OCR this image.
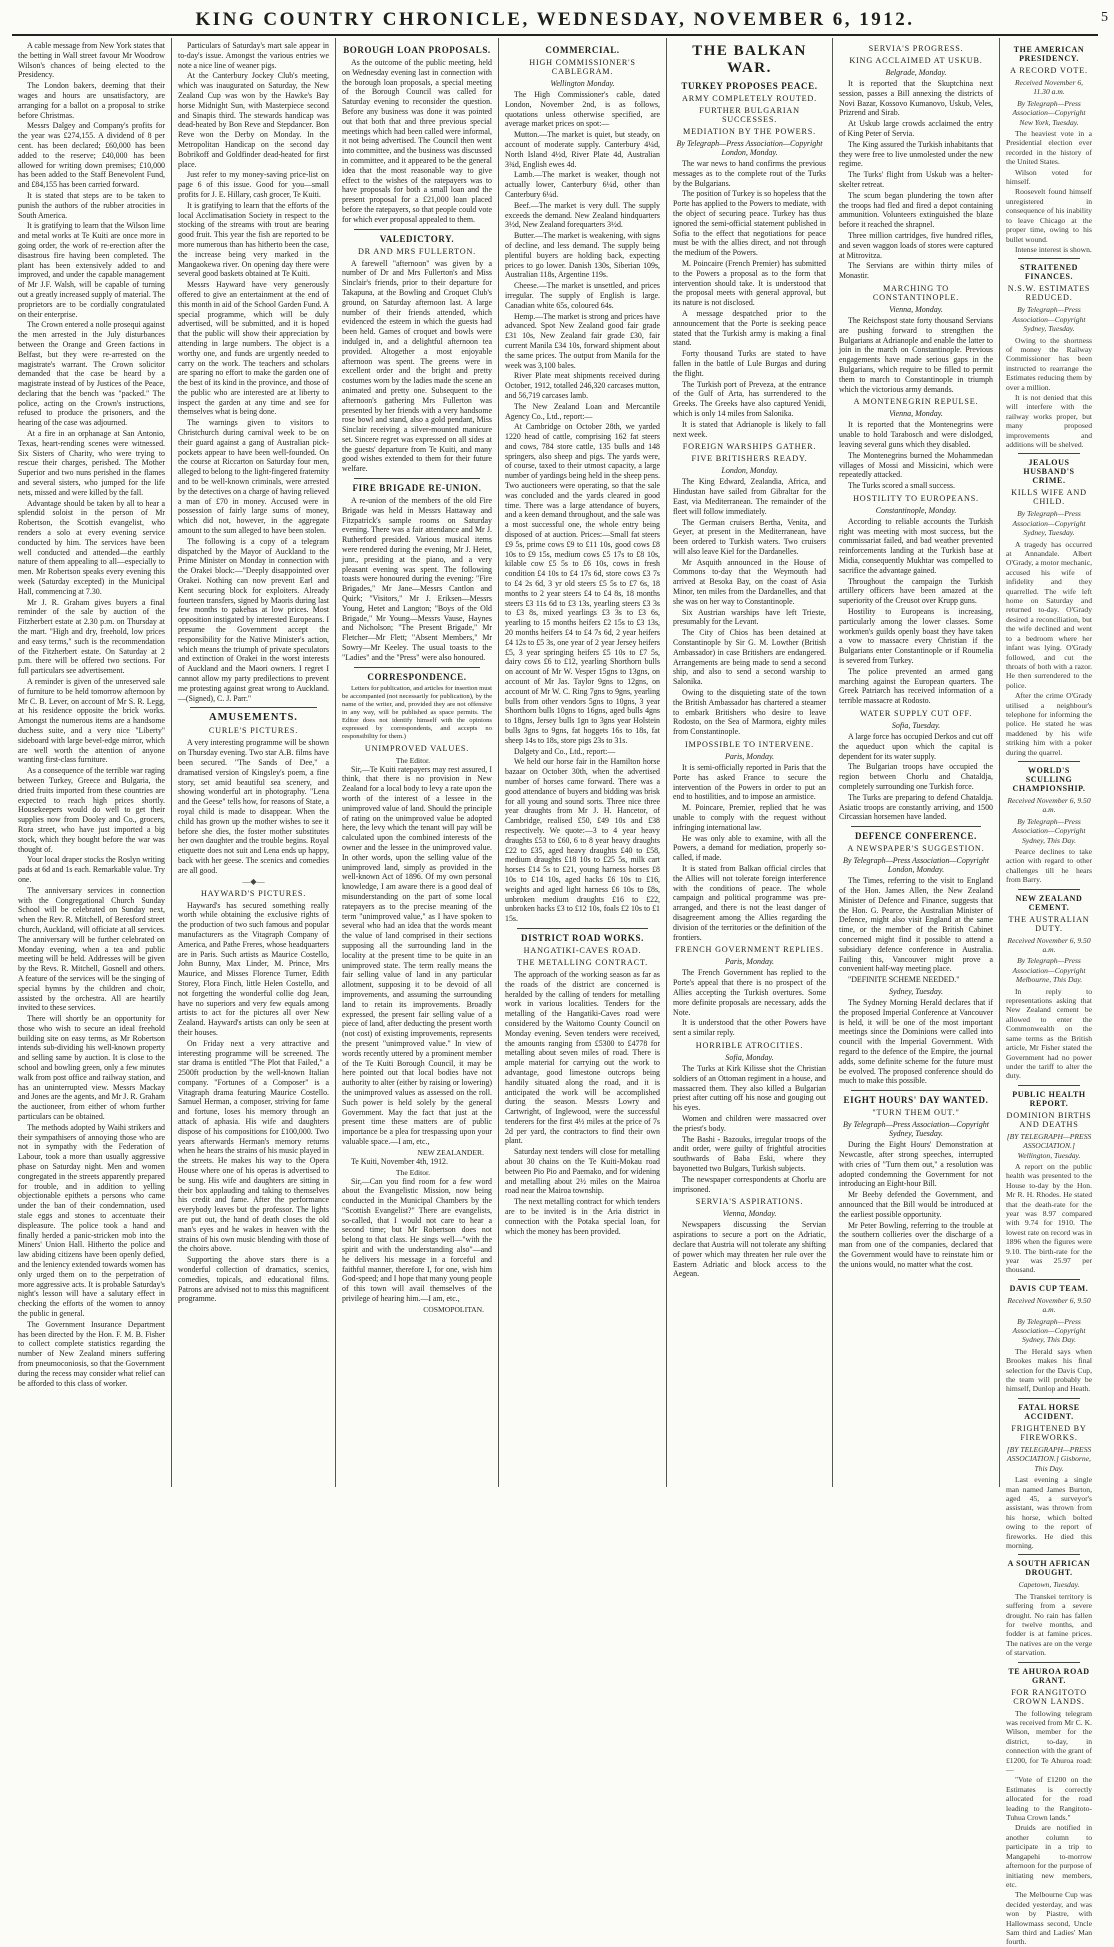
KING COUNTRY CHRONICLE, WEDNESDAY, NOVEMBER 6, 1912.	5

A cable message from New York states that the betting in Wall street favour Mr Woodrow Wilson's chances of being elected to the Presidency.

The London bakers, deeming that their wages and hours are unsatisfactory, are arranging for a ballot on a proposal to strike before Christmas.

Messrs Dalgey and Company's profits for the year was £274,155. A dividend of 8 per cent. has been declared; £60,000 has been added to the reserve; £40,000 has been allowed for writing down premises; £10,000 has been added to the Staff Benevolent Fund, and £84,155 has been carried forward.

It is stated that steps are to be taken to punish the authors of the rubber atrocities in South America.

It is gratifying to learn that the Wilson lime and metal works at Te Kuiti are once more in going order, the work of re-erection after the disastrous fire having been completed. The plant has been extensively added to and improved, and under the capable management of Mr J.F. Walsh, will be capable of turning out a greatly increased supply of material. The proprietors are to be cordially congratulated on their enterprise.

The Crown entered a nolle prosequi against the men arrested in the July disturbances between the Orange and Green factions in Belfast, but they were re-arrested on the magistrate's warrant. The Crown solicitor demanded that the case be heard by a magistrate instead of by Justices of the Peace, declaring that the bench was "packed." The police, acting on the Crown's instructions, refused to produce the prisoners, and the hearing of the case was adjourned.

At a fire in an orphanage at San Antonio, Texas, heart-rending scenes were witnessed. Six Sisters of Charity, who were trying to rescue their charges, perished. The Mother Superior and two nuns perished in the flames and several sisters, who jumped for the life nets, missed and were killed by the fall.

Advantage should be taken by all to hear a splendid soloist in the person of Mr Robertson, the Scottish evangelist, who renders a solo at every evening service conducted by him. The services have been well conducted and attended—the earthly nature of them appealing to all—especially to men. Mr Robertson speaks every evening this week (Saturday excepted) in the Municipal Hall, commencing at 7.30.

Mr J. R. Graham gives buyers a final reminder of the sale by auction of the Fitzherbert estate at 2.30 p.m. on Thursday at the mart. "High and dry, freehold, low prices and easy terms," such is the recommendation of the Fitzherbert estate. On Saturday at 2 p.m. there will be offered two sections. For full particulars see advertisement.

A reminder is given of the unreserved sale of furniture to be held tomorrow afternoon by Mr C. B. Lever, on account of Mr S. R. Legg, at his residence opposite the brick works. Amongst the numerous items are a handsome duchess suite, and a very nice "Liberty" sideboard with large bevel-edge mirror, which are well worth the attention of anyone wanting first-class furniture.

As a consequence of the terrible war raging between Turkey, Greece and Bulgaria, the dried fruits imported from these countries are expected to reach high prices shortly. Housekeepers would do well to get their supplies now from Dooley and Co., grocers, Rora street, who have just imported a big stock, which they bought before the war was thought of.

Your local draper stocks the Roslyn writing pads at 6d and 1s each. Remarkable value. Try one.

The anniversary services in connection with the Congregational Church Sunday School will be celebrated on Sunday next, when the Rev. R. Mitchell, of Beresford street church, Auckland, will officiate at all services. The anniversary will be further celebrated on Monday evening, when a tea and public meeting will be held. Addresses will be given by the Revs. R. Mitchell, Gosnell and others. A feature of the services will be the singing of special hymns by the children and choir, assisted by the orchestra. All are heartily invited to these services.

There will shortly be an opportunity for those who wish to secure an ideal freehold building site on easy terms, as Mr Robertson intends sub-dividing his well-known property and selling same by auction. It is close to the school and bowling green, only a few minutes walk from post office and railway station, and has an uninterrupted view. Messrs Mackay and Jones are the agents, and Mr J. R. Graham the auctioneer, from either of whom further particulars can be obtained.

The methods adopted by Waihi strikers and their sympathisers of annoying those who are not in sympathy with the Federation of Labour, took a more than usually aggressive phase on Saturday night. Men and women congregated in the streets apparently prepared for trouble, and in addition to yelling objectionable epithets a persons who came under the ban of their condemnation, used stale eggs and stones to accentuate their displeasure. The police took a hand and finally herded a panic-stricken mob into the Miners' Union Hall. Hitherto the police and law abiding citizens have been openly defied, and the leniency extended towards women has only urged them on to the perpetration of more aggressive acts. It is probable Saturday's night's lesson will have a salutary effect in checking the efforts of the women to annoy the public in general.

The Government Insurance Department has been directed by the Hon. F. M. B. Fisher to collect complete statistics regarding the number of New Zealand miners suffering from pneumoconiosis, so that the Government during the recess may consider what relief can be afforded to this class of worker.

Particulars of Saturday's mart sale appear in to-day's issue. Amongst the various entries we note a nice line of weaner pigs.

At the Canterbury Jockey Club's meeting, which was inaugurated on Saturday, the New Zealand Cup was won by the Hawke's Bay horse Midnight Sun, with Masterpiece second and Sinapis third. The stewards handicap was dead-heated by Bon Reve and Stepdancer. Bon Reve won the Derby on Monday. In the Metropolitan Handicap on the second day Bobrikoff and Goldfinder dead-heated for first place.

Just refer to my money-saving price-list on page 6 of this issue. Good for you—small profits for J. E. Hillary, cash grocer, Te Kuiti.

It is gratifying to learn that the efforts of the local Acclimatisation Society in respect to the stocking of the streams with trout are bearing good fruit. This year the fish are reported to be more numerous than has hitherto been the case, the increase being very marked in the Mangaokewa river. On opening day there were several good baskets obtained at Te Kuiti.

Messrs Hayward have very generously offered to give an entertainment at the end of this month in aid of the School Garden Fund. A special programme, which will be duly advertised, will be submitted, and it is hoped that the public will show their appreciation by attending in large numbers. The object is a worthy one, and funds are urgently needed to carry on the work. The teachers and scholars are sparing no effort to make the garden one of the best of its kind in the province, and those of the public who are interested are at liberty to inspect the garden at any time and see for themselves what is being done.

The warnings given to visitors to Christchurch during carnival week to be on their guard against a gang of Australian pick-pockets appear to have been well-founded. On the course at Riccarton on Saturday four men, alleged to belong to the light-fingered fraternity and to be well-known criminals, were arrested by the detectives on a charge of having relieved a man of £70 in money. Accused were in possession of fairly large sums of money, which did not, however, in the aggregate amount to the sum alleged to have been stolen.

The following is a copy of a telegram dispatched by the Mayor of Auckland to the Prime Minister on Monday in connection with the Orakei block:—"Deeply disappointed over Orakei. Nothing can now prevent Earl and Kent securing block for exploiters. Already fourteen transfers, signed by Maoris during last few months to pakehas at low prices. Most opposition instigated by interested Europeans. I presume the Government accept the responsibility for the Native Minister's action, which means the triumph of private speculators and extinction of Orakei in the worst interests of Auckland and the Maori owners. I regret I cannot allow my party predilections to prevent me protesting against great wrong to Auckland.—(Signed), C. J. Parr."

AMUSEMENTS.
CURLE'S PICTURES.

A very interesting programme will be shown on Thursday evening. Two star A.B. films have been secured. "The Sands of Dee," a dramatised version of Kingsley's poem, a fine story, set amid beautiful sea scenery, and showing wonderful art in photography. "Lena and the Geese" tells how, for reasons of State, a royal child is made to disappear. When the child has grown up the mother wishes to see it before she dies, the foster mother substitutes her own daughter and the trouble begins. Royal etiquette does not suit and Lena ends up happy, back with her geese. The scenics and comedies are all good.

—◆—
HAYWARD'S PICTURES.

Hayward's has secured something really worth while obtaining the exclusive rights of the production of two such famous and popular manufacturers as the Vitagraph Company of America, and Pathe Freres, whose headquarters are in Paris. Such artists as Maurice Costello, John Bunny, Max Linder, M. Prince, Mrs Maurice, and Misses Florence Turner, Edith Storey, Flora Finch, little Helen Costello, and not forgetting the wonderful collie dog Jean, have no superiors and very few equals among artists to act for the pictures all over New Zealand. Hayward's artists can only be seen at their houses.

On Friday next a very attractive and interesting programme will be screened. The star drama is entitled "The Plot that Failed," a 2500ft production by the well-known Italian company. "Fortunes of a Composer" is a Vitagraph drama featuring Maurice Costello. Samuel Herman, a composer, striving for fame and fortune, loses his memory through an attack of aphasia. His wife and daughters dispose of his compositions for £100,000. Two years afterwards Herman's memory returns when he hears the strains of his music played in the streets. He makes his way to the Opera House where one of his operas is advertised to be sung. His wife and daughters are sitting in their box applauding and taking to themselves his credit and fame. After the performance everybody leaves but the professor. The lights are put out, the hand of death closes the old man's eyes and he wakes in heaven with the strains of his own music blending with those of the choirs above.

Supporting the above stars there is a wonderful collection of dramatics, scenics, comedies, topicals, and educational films. Patrons are advised not to miss this magnificent programme.

BOROUGH LOAN PROPOSALS.

As the outcome of the public meeting, held on Wednesday evening last in connection with the borough loan proposals, a special meeting of the Borough Council was called for Saturday evening to reconsider the question. Before any business was done it was pointed out that both that and three previous special meetings which had been called were informal, it not being advertised. The Council then went into committee, and the business was discussed in committee, and it appeared to be the general idea that the most reasonable way to give effect to the wishes of the ratepayers was to have proposals for both a small loan and the present proposal for a £21,000 loan placed before the ratepayers, so that people could vote for which ever proposal appealed to them.

VALEDICTORY.
DR AND MRS FULLERTON.

A farewell "afternoon" was given by a number of Dr and Mrs Fullerton's and Miss Sinclair's friends, prior to their departure for Takapuna, at the Bowling and Croquet Club's ground, on Saturday afternoon last. A large number of their friends attended, which evidenced the esteem in which the guests had been held. Games of croquet and bowls were indulged in, and a delightful afternoon tea provided. Altogether a most enjoyable afternoon was spent. The greens were in excellent order and the bright and pretty costumes worn by the ladies made the scene an animated and pretty one. Subsequent to the afternoon's gathering Mrs Fullerton was presented by her friends with a very handsome rose bowl and stand, also a gold pendant, Miss Sinclair receiving a silver-mounted manicure set. Sincere regret was expressed on all sides at the guests' departure from Te Kuiti, and many good wishes extended to them for their future welfare.

FIRE BRIGADE RE-UNION.

A re-union of the members of the old Fire Brigade was held in Messrs Hattaway and Fitzpatrick's sample rooms on Saturday evening. There was a fair attendance and Mr J. Rutherford presided. Various musical items were rendered during the evening, Mr J. Hetet, junr., presiding at the piano, and a very pleasant evening was spent. The following toasts were honoured during the evening: "Fire Brigades," Mr Jane—Messrs Cantlon and Quirk; "Visitors," Mr J. Eriksen—Messrs Young, Hetet and Langton; "Boys of the Old Brigade," Mr Young—Messrs Vause, Haynes and Nicholson; "The Present Brigade," Mr Fletcher—Mr Flett; "Absent Members," Mr Sowry—Mr Keeley. The usual toasts to the "Ladies" and the "Press" were also honoured.

CORRESPONDENCE.

Letters for publication, and articles for insertion must be accompanied (not necessarily for publication), by the name of the writer, and, provided they are not offensive in any way, will be published as space permits. The Editor does not identify himself with the opinions expressed by correspondents, and accepts no responsibility for them.)

UNIMPROVED VALUES.
The Editor.

Sir,—Te Kuiti ratepayers may rest assured, I think, that there is no provision in New Zealand for a local body to levy a rate upon the worth of the interest of a lessee in the unimproved value of land. Should the principle of rating on the unimproved value be adopted here, the levy which the tenant will pay will be calculated upon the combined interests of the owner and the lessee in the unimproved value. In other words, upon the selling value of the unimproved land, simply as provided in the well-known Act of 1896. Of my own personal knowledge, I am aware there is a good deal of misunderstanding on the part of some local ratepayers as to the precise meaning of the term "unimproved value," as I have spoken to several who had an idea that the words meant the value of land comprised in their sections supposing all the surrounding land in the locality at the present time to be quite in an unimproved state. The term really means the fair selling value of land in any particular allotment, supposing it to be devoid of all improvements, and assuming the surrounding land to retain its improvements. Broadly expressed, the present fair selling value of a piece of land, after deducting the present worth (not cost) of existing improvements, represents the present "unimproved value." In view of words recently uttered by a prominent member of the Te Kuiti Borough Council, it may be here pointed out that local bodies have not authority to alter (either by raising or lowering) the unimproved values as assessed on the roll. Such power is held solely by the general Government. May the fact that just at the present time these matters are of public importance be a plea for trespassing upon your valuable space.—I am, etc.,

NEW ZEALANDER.

Te Kuiti, November 4th, 1912.

The Editor.

Sir,—Can you find room for a few word about the Evangelistic Mission, now being conducted in the Municipal Chambers by the "Scottish Evangelist?" There are evangelists, so-called, that I would not care to hear a second time; but Mr Robertson does not belong to that class. He sings well—"with the spirit and with the understanding also"—and he delivers his message in a forceful and faithful manner, therefore I, for one, wish him God-speed; and I hope that many young people of this town will avail themselves of the privilege of hearing him.—I am, etc.,

COSMOPOLITAN.
COMMERCIAL.
HIGH COMMISSIONER'S CABLEGRAM.
Wellington Monday.

The High Commissioner's cable, dated London, November 2nd, is as follows, quotations unless otherwise specified, are average market prices on spot:—

Mutton.—The market is quiet, but steady, on account of moderate supply. Canterbury 4¼d, North Island 4½d, River Plate 4d, Australian 3¾d, English ewes 4d.

Lamb.—The market is weaker, though not actually lower, Canterbury 6¼d, other than Canterbury 6¼d.

Beef.—The market is very dull. The supply exceeds the demand. New Zealand hindquarters 3½d, New Zealand forequarters 3½d.

Butter.—The market is weakening, with signs of decline, and less demand. The supply being plentiful buyers are holding back, expecting prices to go lower. Danish 130s, Siberian 109s, Australian 118s, Argentine 119s.

Cheese.—The market is unsettled, and prices irregular. The supply of English is large. Canadian white 65s, coloured 64s.

Hemp.—The market is strong and prices have advanced. Spot New Zealand good fair grade £31 10s, New Zealand fair grade £30, fair current Manila £34 10s, forward shipment about the same prices. The output from Manila for the week was 3,100 bales.

River Plate meat shipments received during October, 1912, totalled 246,320 carcases mutton, and 56,719 carcases lamb.

The New Zealand Loan and Mercantile Agency Co., Ltd., report:—

At Cambridge on October 28th, we yarded 1220 head of cattle, comprising 162 fat steers and cows, 784 store cattle, 135 bulls and 148 springers, also sheep and pigs. The yards were, of course, taxed to their utmost capacity, a large number of yardings being held in the sheep pens. Two auctioneers were operating, so that the sale was concluded and the yards cleared in good time. There was a large attendance of buyers, and a keen demand throughout, and the sale was a most successful one, the whole entry being disposed of at auction. Prices:—Small fat steers £9 5s, prime cows £9 to £11 10s, good cows £8 10s to £9 15s, medium cows £5 17s to £8 10s, kilable cow £5 5s to £6 10s, cows in fresh condition £4 10s to £4 17s 6d, store cows £3 7s to £4 2s 6d, 3 yr old steers £5 5s to £7 6s, 18 months to 2 year steers £4 to £4 8s, 18 months steers £3 11s 6d to £3 13s, yearling steers £3 3s to £3 8s, mixed yearlings £3 3s to £3 6s, yearling to 15 months heifers £2 15s to £3 13s, 20 months heifers £4 to £4 7s 6d, 2 year heifers £4 12s to £5 3s, one year of 2 year Jersey heifers £5, 3 year springing heifers £5 10s to £7 5s, dairy cows £6 to £12, yearling Shorthorn bulls on account of Mr W. Vesper 15gns to 13gns, on account of Mr Jas. Taylor 9gns to 12gns, on account of Mr W. C. Ring 7gns to 9gns, yearling bulls from other vendors 5gns to 10gns, 3 year Shorthorn bulls 10gns to 16gns, aged bulls 4gns to 18gns, Jersey bulls 1gn to 3gns year Holstein bulls 3gns to 9gns, fat hoggets 16s to 18s, fat sheep 14s to 18s, store pigs 23s to 31s.

Dalgety and Co., Ltd., report:—

We held our horse fair in the Hamilton horse bazaar on October 30th, when the advertised number of horses came forward. There was a good attendance of buyers and bidding was brisk for all young and sound sorts. Three nice three year draughts from Mr J. H. Hancetor, of Cambridge, realised £50, £49 10s and £38 respectively. We quote:—3 to 4 year heavy draughts £53 to £60, 6 to 8 year heavy draughts £22 to £35, aged heavy draughts £40 to £58, medium draughts £18 10s to £25 5s, milk cart horses £14 5s to £21, young harness horses £8 10s to £14 10s, aged hacks £6 10s to £16, weights and aged light harness £6 10s to £8s, unbroken medium draughts £16 to £22, unbroken hacks £3 to £12 10s, foals £2 10s to £1 15s.

DISTRICT ROAD WORKS.
HANGATIKI-CAVES ROAD.
THE METALLING CONTRACT.

The approach of the working season as far as the roads of the district are concerned is heralded by the calling of tenders for metalling work in various localities. Tenders for the metalling of the Hangatiki-Caves road were considered by the Waitomo County Council on Monday evening. Seven tenders were received, the amounts ranging from £5300 to £4778 for metalling about seven miles of road. There is ample material for carrying out the work to advantage, good limestone outcrops being handily situated along the road, and it is anticipated the work will be accomplished during the season. Messrs Lowry and Cartwright, of Inglewood, were the successful tenderers for the first 4½ miles at the price of 7s 2d per yard, the contractors to find their own plant.

Saturday next tenders will close for metalling about 30 chains on the Te Kuiti-Mokau road between Pio Pio and Paemako, and for widening and metalling about 2½ miles on the Mairoa road near the Mairoa township.

The next metalling contract for which tenders are to be invited is in the Aria district in connection with the Potaka special loan, for which the money has been provided.

THE BALKAN WAR.
TURKEY PROPOSES PEACE.
ARMY COMPLETELY ROUTED.
FURTHER BULGARIAN SUCCESSES.
MEDIATION BY THE POWERS.
By Telegraph—Press Association—Copyright London, Monday.

The war news to hand confirms the previous messages as to the complete rout of the Turks by the Bulgarians.

The position of Turkey is so hopeless that the Porte has applied to the Powers to mediate, with the object of securing peace. Turkey has thus ignored the semi-official statement published in Sofia to the effect that negotiations for peace must be with the allies direct, and not through the medium of the Powers.

M. Poincaire (French Premier) has submitted to the Powers a proposal as to the form that intervention should take. It is understood that the proposal meets with general approval, but its nature is not disclosed.

A message despatched prior to the announcement that the Porte is seeking peace stated that the Turkish army is making a final stand.

Forty thousand Turks are stated to have fallen in the battle of Lule Burgas and during the flight.

The Turkish port of Preveza, at the entrance of the Gulf of Arta, has surrendered to the Greeks. The Greeks have also captured Yenidi, which is only 14 miles from Salonika.

It is stated that Adrianople is likely to fall next week.

FOREIGN WARSHIPS GATHER.
FIVE BRITISHERS READY.
London, Monday.

The King Edward, Zealandia, Africa, and Hindustan have sailed from Gibraltar for the East, via Mediterranean. The remainder of the fleet will follow immediately.

The German cruisers Bertha, Venita, and Geyer, at present in the Mediterranean, have been ordered to Turkish waters. Two cruisers will also leave Kiel for the Dardanelles.

Mr Asquith announced in the House of Commons to-day that the Weymouth had arrived at Besoka Bay, on the coast of Asia Minor, ten miles from the Dardanelles, and that she was on her way to Constantinople.

Six Austrian warships have left Trieste, presumably for the Levant.

The City of Chios has been detained at Constantinople by Sir G. M. Lowther (British Ambassador) in case Britishers are endangered. Arrangements are being made to send a second ship, and also to send a second warship to Salonika.

Owing to the disquieting state of the town the British Ambassador has chartered a steamer to embark Britishers who desire to leave Rodosto, on the Sea of Marmora, eighty miles from Constantinople.

IMPOSSIBLE TO INTERVENE.
Paris, Monday.

It is semi-officially reported in Paris that the Porte has asked France to secure the intervention of the Powers in order to put an end to hostilities, and to impose an armistice.

M. Poincare, Premier, replied that he was unable to comply with the request without infringing international law.

He was only able to examine, with all the Powers, a demand for mediation, properly so-called, if made.

It is stated from Balkan official circles that the Allies will not tolerate foreign interference with the conditions of peace. The whole campaign and political programme was pre-arranged, and there is not the least danger of disagreement among the Allies regarding the division of the territories or the definition of the frontiers.

FRENCH GOVERNMENT REPLIES.
Paris, Monday.

The French Government has replied to the Porte's appeal that there is no prospect of the Allies accepting the Turkish overtures. Some more definite proposals are necessary, adds the Note.

It is understood that the other Powers have sent a similar reply.

HORRIBLE ATROCITIES.
Sofia, Monday.

The Turks at Kirk Kilisse shot the Christian soldiers of an Ottoman regiment in a house, and massacred them. They also killed a Bulgarian priest after cutting off his nose and gouging out his eyes.

Women and children were massacred over the priest's body.

The Bashi - Bazouks, irregular troops of the andit order, were guilty of frightful atrocities southwards of Baba Eski, where they bayonetted two Bulgars, Turkish subjects.

The newspaper correspondents at Chorlu are imprisoned.

SERVIA'S ASPIRATIONS.
Vienna, Monday.

Newspapers discussing the Servian aspirations to secure a port on the Adriatic, declare that Austria will not tolerate any shifting of power which may threaten her rule over the Eastern Adriatic and block access to the Aegean.

SERVIA'S PROGRESS.
KING ACCLAIMED AT USKUB.
Belgrade, Monday.

It is reported that the Skuptchina next session, passes a Bill annexing the districts of Novi Bazar, Kossovo Kumanovo, Uskub, Veles, Prizrend and Sirab.

At Uskub large crowds acclaimed the entry of King Peter of Servia.

The King assured the Turkish inhabitants that they were free to live unmolested under the new regime.

The Turks' flight from Uskub was a helter-skelter retreat.

The scum began plundering the town after the troops had fled and fired a depot containing ammunition. Volunteers extinguished the blaze before it reached the shrapnel.

Three million cartridges, five hundred rifles, and seven waggon loads of stores were captured at Mitrovitza.

The Servians are within thirty miles of Monastir.

MARCHING TO CONSTANTINOPLE.
Vienna, Monday.

The Reichspost state forty thousand Servians are pushing forward to strengthen the Bulgarians at Adrianople and enable the latter to join in the march on Constantinople. Previous engagements have made serious gaps in the Bulgarians, which require to be filled to permit them to march to Constantinople in triumph which the victorious army demands.

A MONTENEGRIN REPULSE.
Vienna, Monday.

It is reported that the Montenegrins were unable to hold Tarabosch and were dislodged, leaving several guns which they disabled.

The Montenegrins burned the Mohammedan villages of Mossi and Missicini, which were repeatedly attacked.

The Turks scored a small success.

HOSTILITY TO EUROPEANS.
Constantinople, Monday.

According to reliable accounts the Turkish right was meeting with most success, but the commissariat failed, and bad weather prevented reinforcements landing at the Turkish base at Midia, consequently Mukhtar was compelled to sacrifice the advantage gained.

Throughout the campaign the Turkish artillery officers have been amazed at the superiority of the Creusot over Krupp guns.

Hostility to Europeans is increasing, particularly among the lower classes. Some workmen's guilds openly boast they have taken a vow to massacre every Christian if the Bulgarians enter Constantinople or if Roumelia is severed from Turkey.

The police prevented an armed gang marching against the European quarters. The Greek Patriarch has received information of a terrible massacre at Rodosto.

WATER SUPPLY CUT OFF.
Sofia, Tuesday.

A large force has occupied Derkos and cut off the aqueduct upon which the capital is dependent for its water supply.

The Bulgarian troops have occupied the region between Chorlu and Chataldja, completely surrounding one Turkish force.

The Turks are preparing to defend Chataldja. Asiatic troops are constantly arriving, and 1500 Circassian horsemen have landed.

DEFENCE CONFERENCE.
A NEWSPAPER'S SUGGESTION.
By Telegraph—Press Association—Copyright London, Monday.

The Times, referring to the visit to England of the Hon. James Allen, the New Zealand Minister of Defence and Finance, suggests that the Hon. G. Pearce, the Australian Minister of Defence, might also visit England at the same time, or the member of the British Cabinet concerned might find it possible to attend a subsidiary defence conference in Australia. Failing this, Vancouver might prove a convenient half-way meeting place.

"DEFINITE SCHEME NEEDED."

Sydney, Tuesday.

The Sydney Morning Herald declares that if the proposed Imperial Conference at Vancouver is held, it will be one of the most important meetings since the Dominions were called into council with the Imperial Government. With regard to the defence of the Empire, the journal adds, some definite scheme for the future must be evolved. The proposed conference should do much to make this possible.

EIGHT HOURS' DAY WANTED.
"TURN THEM OUT."
By Telegraph—Press Association—Copyright Sydney, Tuesday.

During the Eight Hours' Demonstration at Newcastle, after strong speeches, interrupted with cries of "Turn them out," a resolution was adopted condemning the Government for not introducing an Eight-hour Bill.

Mr Beeby defended the Government, and announced that the Bill would be introduced at the earliest possible opportunity.

Mr Peter Bowling, referring to the trouble at the southern collieries over the discharge of a man from one of the companies, declared that the Government would have to reinstate him or the unions would, no matter what the cost.

THE AMERICAN PRESIDENCY.
A RECORD VOTE.
Received November 6, 11.30 a.m.
By Telegraph—Press Association—Copyright New York, Tuesday.

The heaviest vote in a Presidential election ever recorded in the history of the United States.

Wilson voted for himself.

Roosevelt found himself unregistered in consequence of his inability to leave Chicago at the proper time, owing to his bullet wound.

Intense interest is shown.

STRAITENED FINANCES.
N.S.W. ESTIMATES REDUCED.
By Telegraph—Press Association—Copyright Sydney, Tuesday.

Owing to the shortness of money the Railway Commissioner has been instructed to rearrange the Estimates reducing them by over a million.

It is not denied that this will interfere with the railway works proper, but many proposed improvements and additions will be shelved.

JEALOUS HUSBAND'S CRIME.
KILLS WIFE AND CHILD.
By Telegraph—Press Association—Copyright Sydney, Tuesday.

A tragedy has occurred at Annandale. Albert O'Grady, a motor mechanic, accused his wife of infidelity and they quarrelled. The wife left home on Saturday and returned to-day. O'Grady desired a reconciliation, but the wife declined and went to a bedroom where her infant was lying. O'Grady followed, and cut the throats of both with a razor. He then surrendered to the police.

After the crime O'Grady utilised a neighbour's telephone for informing the police. He stated he was maddened by his wife striking him with a poker during the quarrel.

WORLD'S SCULLING CHAMPIONSHIP.
Received November 6, 9.50 a.m.
By Telegraph—Press Association—Copyright Sydney, This Day.

Pearce declines to take action with regard to other challenges till he hears from Barry.

NEW ZEALAND CEMENT.
THE AUSTRALIAN DUTY.
Received November 6, 9.50 a.m.
By Telegraph—Press Association—Copyright Melbourne, This Day.

In reply to representations asking that New Zealand cement be allowed to enter the Commonwealth on the same terms as the British article, Mr Fisher stated the Government had no power under the tariff to alter the duty.

PUBLIC HEALTH REPORT.
DOMINION BIRTHS AND DEATHS
[BY TELEGRAPH—PRESS ASSOCIATION.] Wellington, Tuesday.

A report on the public health was presented to the House to-day by the Hon. Mr R. H. Rhodes. He stated that the death-rate for the year was 8.97 compared with 9.74 for 1910. The lowest rate on record was in 1896 when the figures were 9.10. The birth-rate for the year was 25.97 per thousand.

DAVIS CUP TEAM.
Received November 6, 9.50 a.m.
By Telegraph—Press Association—Copyright Sydney, This Day.

The Herald says when Brookes makes his final selection for the Davis Cup, the team will probably be himself, Dunlop and Heath.

FATAL HORSE ACCIDENT.
FRIGHTENED BY FIREWORKS.
[BY TELEGRAPH—PRESS ASSOCIATION.] Gisborne, This Day.

Last evening a single man named James Burton, aged 45, a surveyor's assistant, was thrown from his horse, which bolted owing to the report of fireworks. He died this morning.

A SOUTH AFRICAN DROUGHT.
Capetown, Tuesday.

The Transkei territory is suffering from a severe drought. No rain has fallen for twelve months, and fodder is at famine prices. The natives are on the verge of starvation.

TE AHUROA ROAD GRANT.
FOR RANGITOTO CROWN LANDS.

The following telegram was received from Mr C. K. Wilson, member for the district, to-day, in connection with the grant of £1200, for Te Ahuroa road:—

"Vote of £1200 on the Estimates is correctly allocated for the road leading to the Rangitoto-Tuhua Crown lands."

Druids are notified in another column to participate in a trip to Mangapehi to-morrow afternoon for the purpose of initiating new members, etc.

The Melbourne Cup was decided yesterday, and was won by Piastre, with Hallowmass second, Uncle Sam third and Ladies' Man fourth.
